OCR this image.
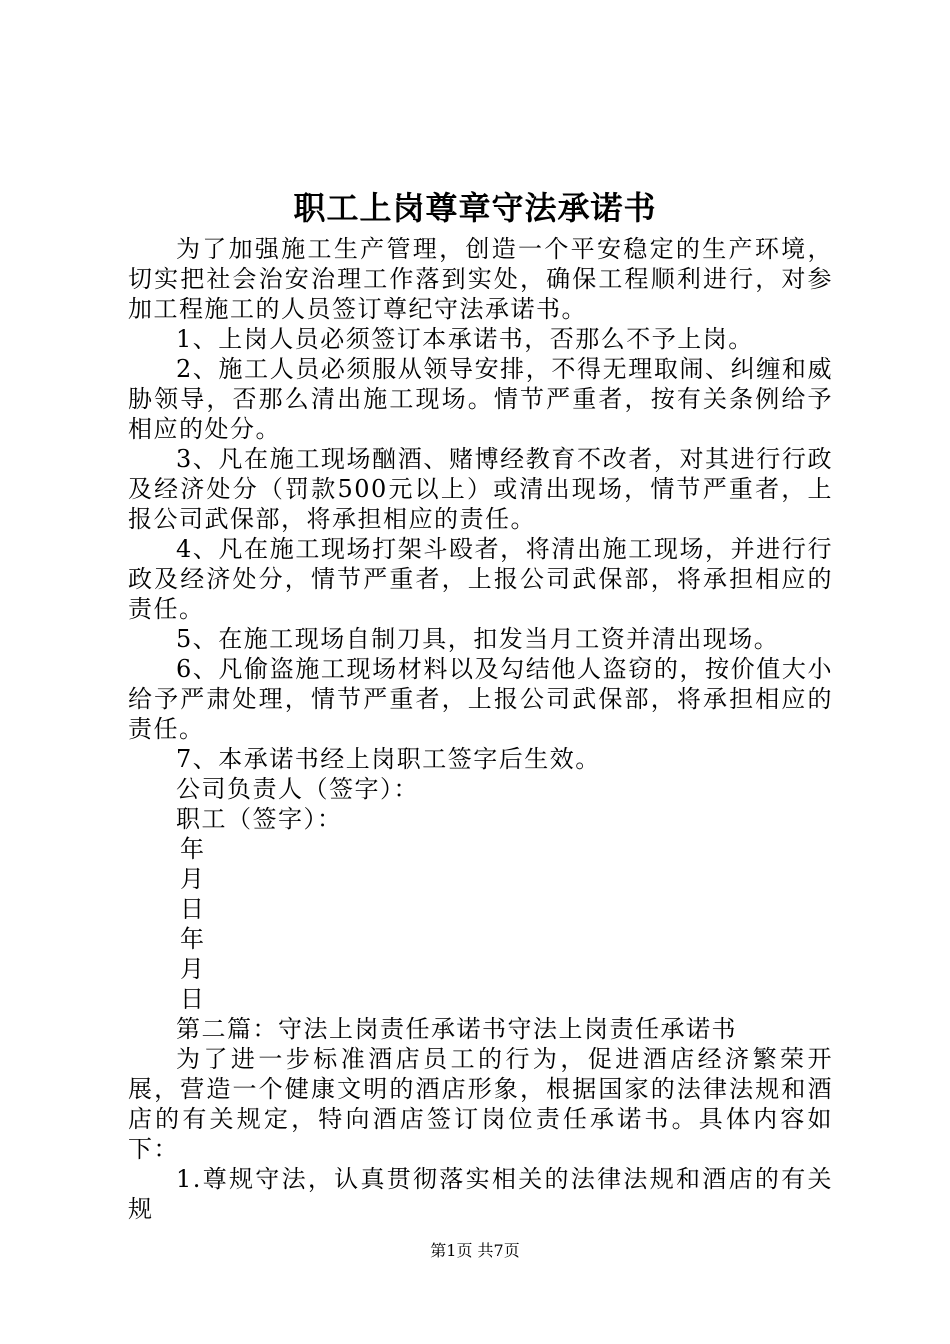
职工上岗尊章守法承诺书

为了加强施工生产管理，创造一个平安稳定的生产环境，切实把社会治安治理工作落到实处，确保工程顺利进行，对参加工程施工的人员签订尊纪守法承诺书。

1、上岗人员必须签订本承诺书，否那么不予上岗。

2、施工人员必须服从领导安排，不得无理取闹、纠缠和威胁领导，否那么清出施工现场。情节严重者，按有关条例给予相应的处分。

3、凡在施工现场酗酒、赌博经教育不改者，对其进行行政及经济处分（罚款500元以上）或清出现场，情节严重者，上报公司武保部，将承担相应的责任。

4、凡在施工现场打架斗殴者，将清出施工现场，并进行行政及经济处分，情节严重者，上报公司武保部，将承担相应的责任。

5、在施工现场自制刀具，扣发当月工资并清出现场。

6、凡偷盗施工现场材料以及勾结他人盗窃的，按价值大小给予严肃处理，情节严重者，上报公司武保部，将承担相应的责任。

7、本承诺书经上岗职工签字后生效。

公司负责人（签字）：

职工（签字）：

年

月

日

年

月

日

第二篇：守法上岗责任承诺书守法上岗责任承诺书

为了进一步标准酒店员工的行为，促进酒店经济繁荣开展，营造一个健康文明的酒店形象，根据国家的法律法规和酒店的有关规定，特向酒店签订岗位责任承诺书。具体内容如下：

1.尊规守法，认真贯彻落实相关的法律法规和酒店的有关规

第1页 共7页
